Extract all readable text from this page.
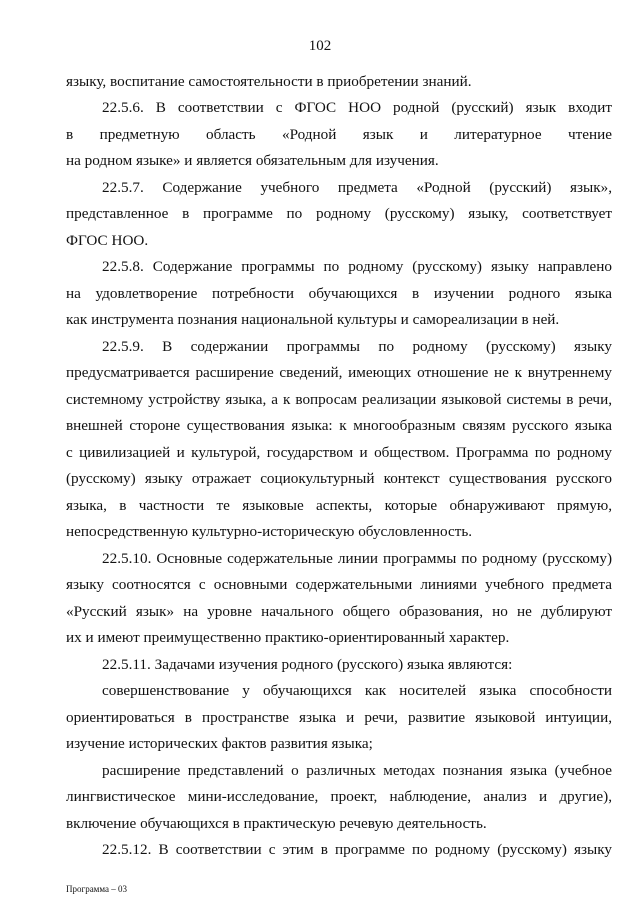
102
языку, воспитание самостоятельности в приобретении знаний.
22.5.6. В соответствии с ФГОС НОО родной (русский) язык входит
в предметную область «Родной язык и литературное чтение
на родном языке» и является обязательным для изучения.
22.5.7. Содержание учебного предмета «Родной (русский) язык»,
представленное в программе по родному (русскому) языку, соответствует
ФГОС НОО.
22.5.8. Содержание программы по родному (русскому) языку направлено
на удовлетворение потребности обучающихся в изучении родного языка
как инструмента познания национальной культуры и самореализации в ней.
22.5.9. В содержании программы по родному (русскому) языку
предусматривается расширение сведений, имеющих отношение не к внутреннему
системному устройству языка, а к вопросам реализации языковой системы в речи,
внешней стороне существования языка: к многообразным связям русского языка
с цивилизацией и культурой, государством и обществом. Программа по родному
(русскому) языку отражает социокультурный контекст существования русского
языка, в частности те языковые аспекты, которые обнаруживают прямую,
непосредственную культурно-историческую обусловленность.
22.5.10. Основные содержательные линии программы по родному (русскому)
языку соотносятся с основными содержательными линиями учебного предмета
«Русский язык» на уровне начального общего образования, но не дублируют
их и имеют преимущественно практико-ориентированный характер.
22.5.11. Задачами изучения родного (русского) языка являются:
совершенствование у обучающихся как носителей языка способности
ориентироваться в пространстве языка и речи, развитие языковой интуиции,
изучение исторических фактов развития языка;
расширение представлений о различных методах познания языка (учебное
лингвистическое мини-исследование, проект, наблюдение, анализ и другие),
включение обучающихся в практическую речевую деятельность.
22.5.12. В соответствии с этим в программе по родному (русскому) языку
Программа – 03
